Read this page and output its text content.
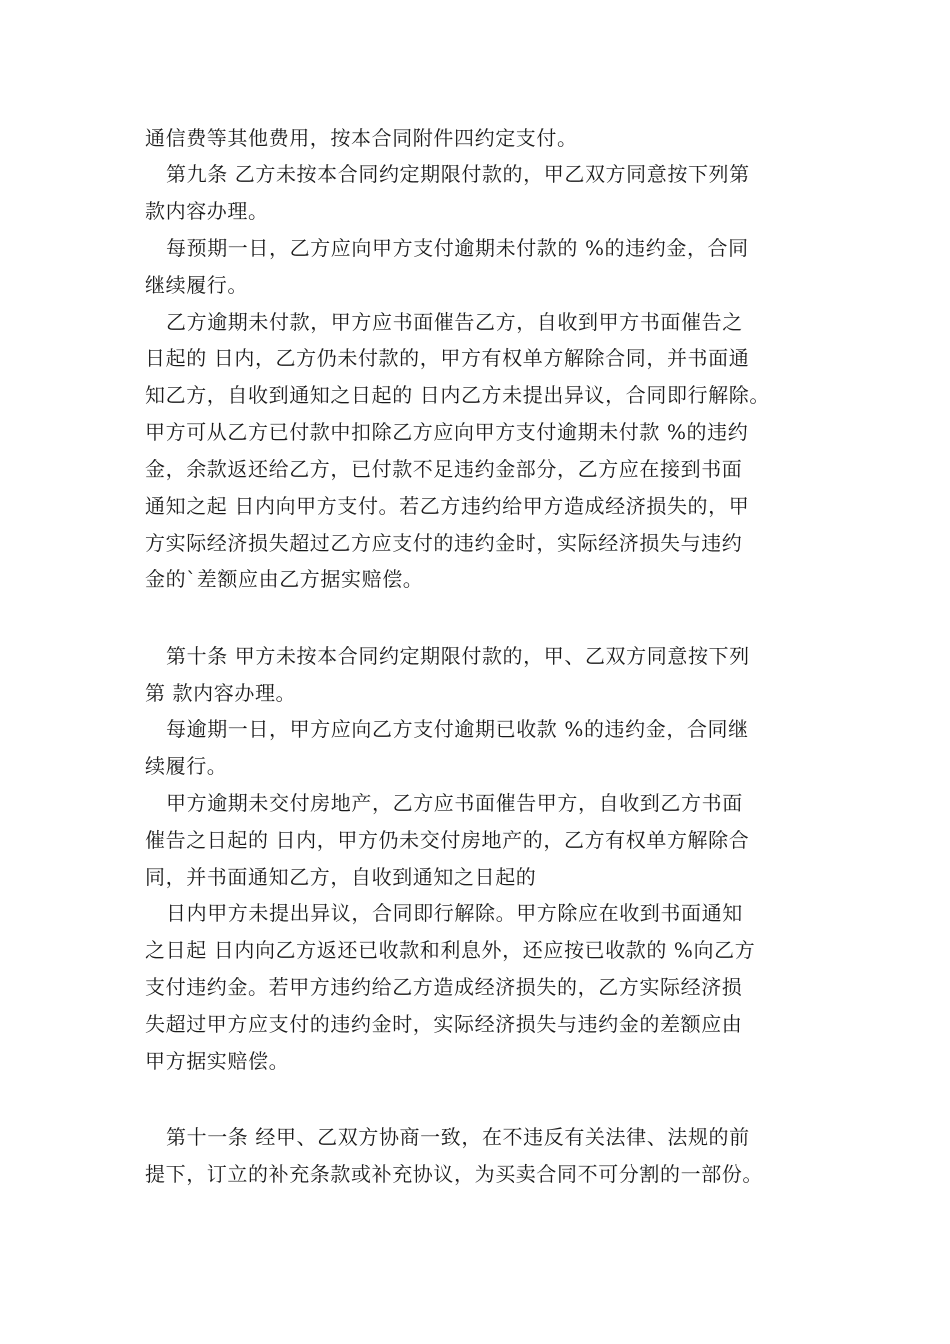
通信费等其他费用，按本合同附件四约定支付。

第九条 乙方未按本合同约定期限付款的，甲乙双方同意按下列第

款内容办理。

每预期一日，乙方应向甲方支付逾期未付款的 %的违约金，合同

继续履行。

乙方逾期未付款，甲方应书面催告乙方，自收到甲方书面催告之

日起的 日内，乙方仍未付款的，甲方有权单方解除合同，并书面通

知乙方，自收到通知之日起的 日内乙方未提出异议，合同即行解除。

甲方可从乙方已付款中扣除乙方应向甲方支付逾期未付款 %的违约

金，余款返还给乙方，已付款不足违约金部分，乙方应在接到书面

通知之起 日内向甲方支付。若乙方违约给甲方造成经济损失的，甲

方实际经济损失超过乙方应支付的违约金时，实际经济损失与违约

金的`差额应由乙方据实赔偿。

第十条 甲方未按本合同约定期限付款的，甲、乙双方同意按下列

第 款内容办理。

每逾期一日，甲方应向乙方支付逾期已收款 %的违约金，合同继

续履行。

甲方逾期未交付房地产，乙方应书面催告甲方，自收到乙方书面

催告之日起的 日内，甲方仍未交付房地产的，乙方有权单方解除合

同，并书面通知乙方，自收到通知之日起的

日内甲方未提出异议，合同即行解除。甲方除应在收到书面通知

之日起 日内向乙方返还已收款和利息外，还应按已收款的 %向乙方

支付违约金。若甲方违约给乙方造成经济损失的，乙方实际经济损

失超过甲方应支付的违约金时，实际经济损失与违约金的差额应由

甲方据实赔偿。

第十一条 经甲、乙双方协商一致，在不违反有关法律、法规的前

提下，订立的补充条款或补充协议，为买卖合同不可分割的一部份。
